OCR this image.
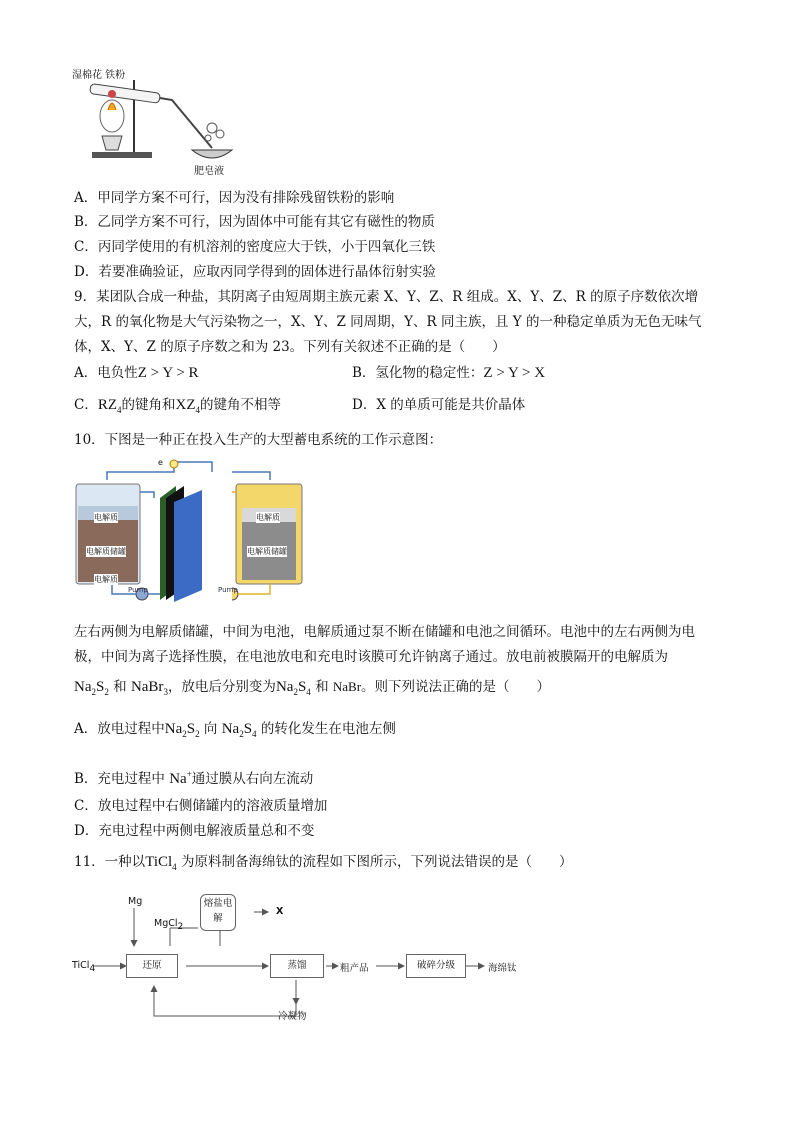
湿棉花 铁粉
肥皂液
A．甲同学方案不可行，因为没有排除残留铁粉的影响
B．乙同学方案不可行，因为固体中可能有其它有磁性的物质
C．丙同学使用的有机溶剂的密度应大于铁，小于四氧化三铁
D．若要准确验证，应取丙同学得到的固体进行晶体衍射实验
9．某团队合成一种盐，其阴离子由短周期主族元素 X、Y、Z、R 组成。X、Y、Z、R 的原子序数依次增
大，R 的氧化物是大气污染物之一，X、Y、Z 同周期，Y、R 同主族，且 Y 的一种稳定单质为无色无味气
体，X、Y、Z 的原子序数之和为 23。下列有关叙述不正确的是（　　）
A．电负性Z > Y > R	B．氢化物的稳定性：Z > Y > X
C．$RZ_4$的键角和$XZ_4$的键角不相等	D．X 的单质可能是共价晶体
10．下图是一种正在投入生产的大型蓄电系统的工作示意图：
电解质
电解质储罐
电解质
Pump
e
电解质
电解质储罐
Pump
左右两侧为电解质储罐，中间为电池，电解质通过泵不断在储罐和电池之间循环。电池中的左右两侧为电
极，中间为离子选择性膜，在电池放电和充电时该膜可允许钠离子通过。放电前被膜隔开的电解质为
$Na_2S_2$ 和 NaBr$_3$，放电后分别变为$Na_2S_4$ 和 NaBr。则下列说法正确的是（　　）
A．放电过程中$Na_2S_2$ 向 $Na_2S_4$ 的转化发生在电池左侧
B．充电过程中 Na+通过膜从右向左流动
C．放电过程中右侧储罐内的溶液质量增加
D．充电过程中两侧电解液质量总和不变
11．一种以TiCl$_4$ 为原料制备海绵钛的流程如下图所示，下列说法错误的是（　　）
Mg
MgCl$_2$
熔盐电解
X
TiCl$_4$	还原	蒸馏	粗产品	破碎分级	海绵钛
冷凝物
